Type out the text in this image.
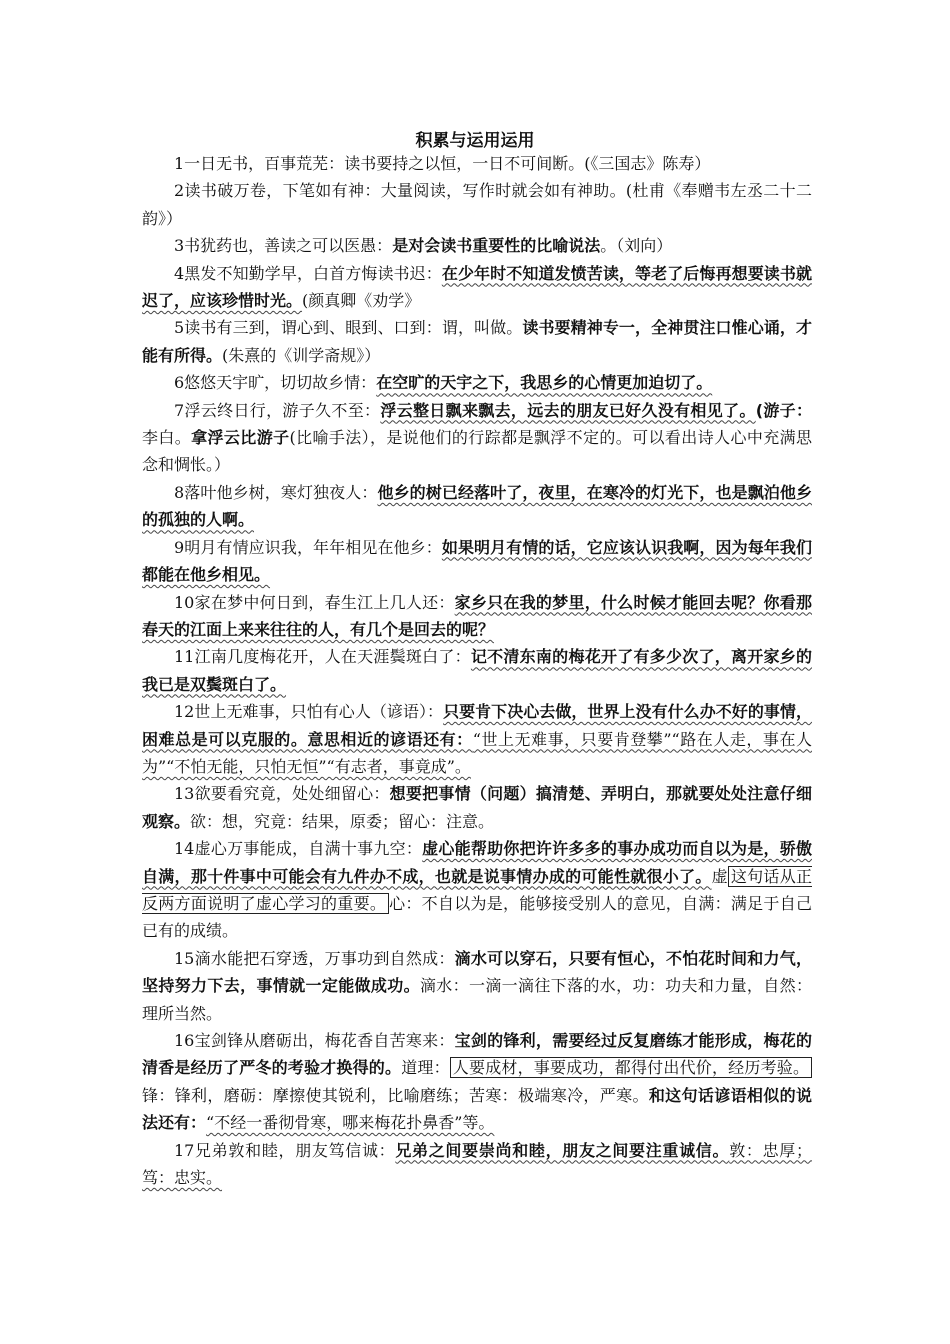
积累与运用运用

1一日无书，百事荒芜：读书要持之以恒，一日不可间断。(《三国志》陈寿）

2读书破万卷，下笔如有神：大量阅读，写作时就会如有神助。(杜甫《奉赠韦左丞二十二韵》）

3书犹药也，善读之可以医愚：是对会读书重要性的比喻说法。（刘向）

4黑发不知勤学早，白首方悔读书迟：在少年时不知道发愤苦读，等老了后悔再想要读书就迟了，应该珍惜时光。(颜真卿《劝学》

5读书有三到，谓心到、眼到、口到：谓，叫做。读书要精神专一，全神贯注口惟心诵，才能有所得。(朱熹的《训学斋规》）

6悠悠天宇旷，切切故乡情：在空旷的天宇之下，我思乡的心情更加迫切了。

7浮云终日行，游子久不至：浮云整日飘来飘去，远去的朋友已好久没有相见了。(游子：李白。拿浮云比游子(比喻手法），是说他们的行踪都是飘浮不定的。可以看出诗人心中充满思念和惆怅。）

8落叶他乡树，寒灯独夜人：他乡的树已经落叶了，夜里，在寒冷的灯光下，也是飘泊他乡的孤独的人啊。

9明月有情应识我，年年相见在他乡：如果明月有情的话，它应该认识我啊，因为每年我们都能在他乡相见。

10家在梦中何日到，春生江上几人还：家乡只在我的梦里，什么时候才能回去呢？你看那春天的江面上来来往往的人，有几个是回去的呢？

11江南几度梅花开，人在天涯鬓斑白了：记不清东南的梅花开了有多少次了，离开家乡的我已是双鬓斑白了。

12世上无难事，只怕有心人（谚语）：只要肯下决心去做，世界上没有什么办不好的事情，困难总是可以克服的。意思相近的谚语还有：“世上无难事，只要肯登攀”“路在人走，事在人为”“不怕无能，只怕无恒”“有志者，事竟成”。

13欲要看究竟，处处细留心：想要把事情（问题）搞清楚、弄明白，那就要处处注意仔细观察。欲：想，究竟：结果，原委；留心：注意。

14虚心万事能成，自满十事九空：虚心能帮助你把许许多多的事办成功而自以为是，骄傲自满，那十件事中可能会有九件办不成，也就是说事情办成的可能性就很小了。虚 这句话从正反两方面说明了虚心学习的重要。 心：不自以为是，能够接受别人的意见，自满：满足于自己已有的成绩。

15滴水能把石穿透，万事功到自然成：滴水可以穿石，只要有恒心，不怕花时间和力气，坚持努力下去，事情就一定能做成功。滴水：一滴一滴往下落的水，功：功夫和力量，自然：理所当然。

16宝剑锋从磨砺出，梅花香自苦寒来：宝剑的锋利，需要经过反复磨练才能形成，梅花的清香是经历了严冬的考验才换得的。道理： 人要成材，事要成功，都得付出代价，经历考验。锋：锋利，磨砺：摩擦使其锐利，比喻磨练；苦寒：极端寒冷，严寒。和这句话谚语相似的说法还有：“不经一番彻骨寒，哪来梅花扑鼻香”等。

17兄弟敦和睦，朋友笃信诚：兄弟之间要崇尚和睦，朋友之间要注重诚信。敦：忠厚；笃：忠实。
